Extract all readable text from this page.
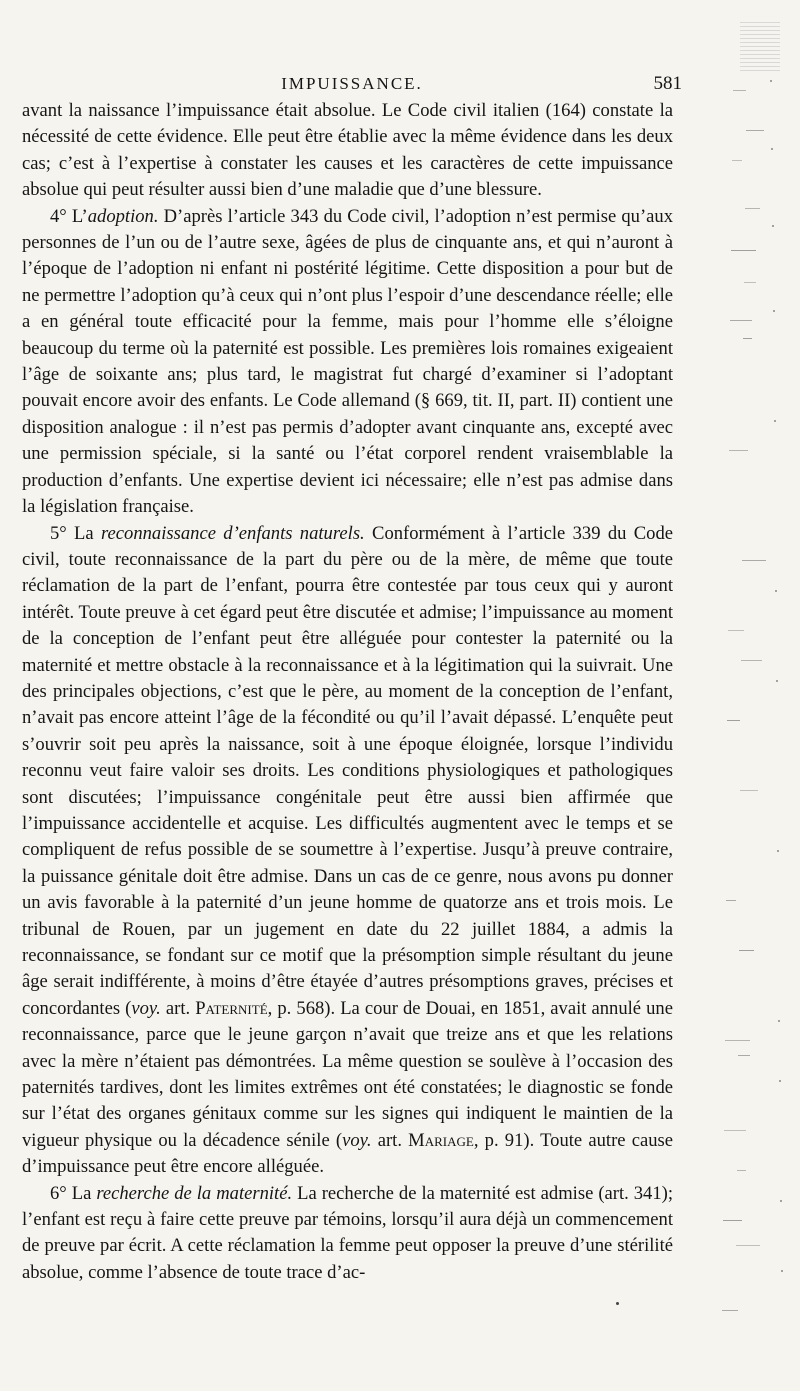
IMPUISSANCE.	581

avant la naissance l’impuissance était absolue. Le Code civil italien (164) constate la nécessité de cette évidence. Elle peut être établie avec la même évidence dans les deux cas; c’est à l’expertise à constater les causes et les caractères de cette impuissance absolue qui peut résulter aussi bien d’une maladie que d’une blessure.

4° L’adoption. D’après l’article 343 du Code civil, l’adoption n’est permise qu’aux personnes de l’un ou de l’autre sexe, âgées de plus de cinquante ans, et qui n’auront à l’époque de l’adoption ni enfant ni postérité légitime. Cette disposition a pour but de ne permettre l’adoption qu’à ceux qui n’ont plus l’espoir d’une descendance réelle; elle a en général toute efficacité pour la femme, mais pour l’homme elle s’éloigne beaucoup du terme où la paternité est possible. Les premières lois romaines exigeaient l’âge de soixante ans; plus tard, le magistrat fut chargé d’examiner si l’adoptant pouvait encore avoir des enfants. Le Code allemand (§ 669, tit. II, part. II) contient une disposition analogue : il n’est pas permis d’adopter avant cinquante ans, excepté avec une permission spéciale, si la santé ou l’état corporel rendent vraisemblable la production d’enfants. Une expertise devient ici nécessaire; elle n’est pas admise dans la législation française.

5° La reconnaissance d’enfants naturels. Conformément à l’article 339 du Code civil, toute reconnaissance de la part du père ou de la mère, de même que toute réclamation de la part de l’enfant, pourra être contestée par tous ceux qui y auront intérêt. Toute preuve à cet égard peut être discutée et admise; l’impuissance au moment de la conception de l’enfant peut être alléguée pour contester la paternité ou la maternité et mettre obstacle à la reconnaissance et à la légitimation qui la suivrait. Une des principales objections, c’est que le père, au moment de la conception de l’enfant, n’avait pas encore atteint l’âge de la fécondité ou qu’il l’avait dépassé. L’enquête peut s’ouvrir soit peu après la naissance, soit à une époque éloignée, lorsque l’individu reconnu veut faire valoir ses droits. Les conditions physiologiques et pathologiques sont discutées; l’impuissance congénitale peut être aussi bien affirmée que l’impuissance accidentelle et acquise. Les difficultés augmentent avec le temps et se compliquent de refus possible de se soumettre à l’expertise. Jusqu’à preuve contraire, la puissance génitale doit être admise. Dans un cas de ce genre, nous avons pu donner un avis favorable à la paternité d’un jeune homme de quatorze ans et trois mois. Le tribunal de Rouen, par un jugement en date du 22 juillet 1884, a admis la reconnaissance, se fondant sur ce motif que la présomption simple résultant du jeune âge serait indifférente, à moins d’être étayée d’autres présomptions graves, précises et concordantes (voy. art. Paternité, p. 568). La cour de Douai, en 1851, avait annulé une reconnaissance, parce que le jeune garçon n’avait que treize ans et que les relations avec la mère n’étaient pas démontrées. La même question se soulève à l’occasion des paternités tardives, dont les limites extrêmes ont été constatées; le diagnostic se fonde sur l’état des organes génitaux comme sur les signes qui indiquent le maintien de la vigueur physique ou la décadence sénile (voy. art. Mariage, p. 91). Toute autre cause d’impuissance peut être encore alléguée.

6° La recherche de la maternité. La recherche de la maternité est admise (art. 341); l’enfant est reçu à faire cette preuve par témoins, lorsqu’il aura déjà un commencement de preuve par écrit. A cette réclamation la femme peut opposer la preuve d’une stérilité absolue, comme l’absence de toute trace d’ac-
